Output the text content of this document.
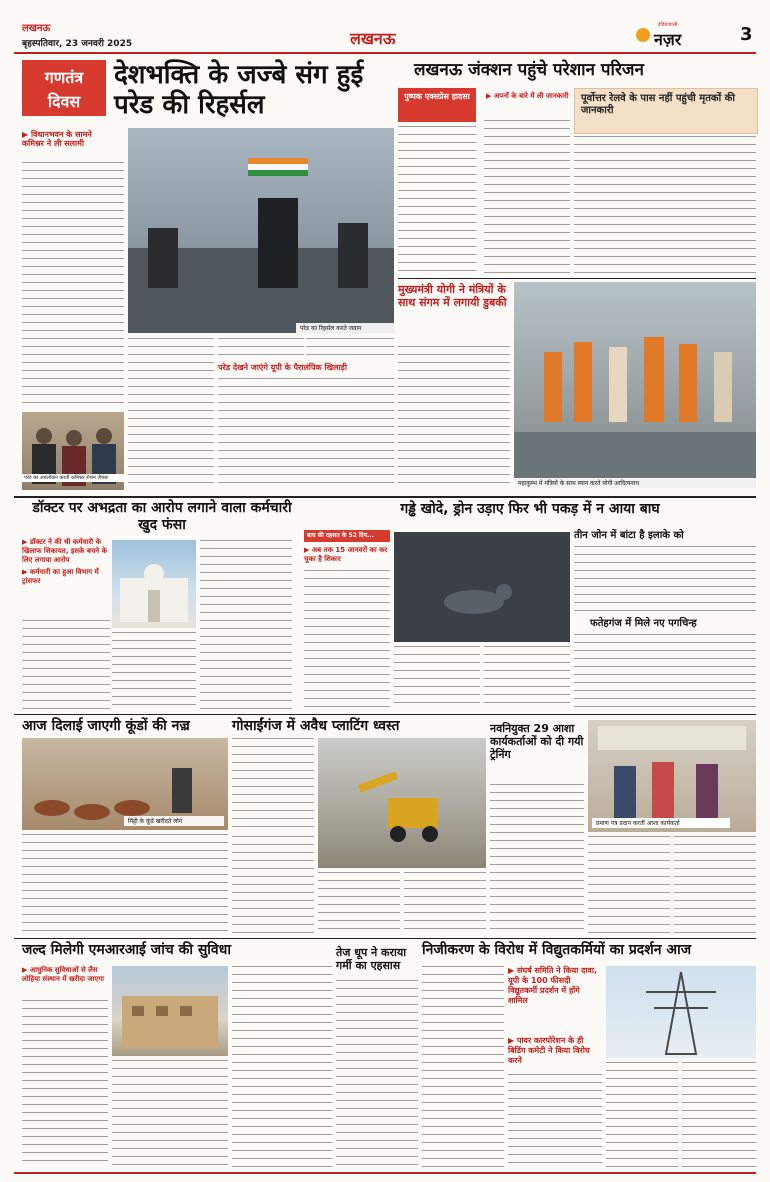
लखनऊ
बृहस्पतिवार, 23 जनवरी 2025	लखनऊ
इंडियावाली
नज़र	3
गणतंत्र
दिवस
देशभक्ति के जज्बे संग हुई परेड की रिहर्सल
▶ विधानभवन के सामने
कमिश्नर ने ली सलामी
परेड का रिहर्सल करते जवान
परेड का अवलोकन करतीं कमिश्नर रोशन जैकब
परेड देखने जाएंगे यूपी के पैरालंपिक खिलाड़ी
लखनऊ जंक्शन पहुंचे परेशान परिजन
पुष्पक एक्सप्रेस हादसा	▶ अपनों के बारे में ली जानकारी	पूर्वोत्तर रेलवे के पास नहीं पहुंची मृतकों की जानकारी
मुख्यमंत्री योगी ने मंत्रियों के साथ संगम में लगायी डुबकी
महाकुम्भ में मंत्रियों के साथ स्नान करते योगी आदित्यनाथ
डॉक्टर पर अभद्रता का आरोप लगाने वाला कर्मचारी खुद फंसा
▶ डॉक्टर ने की थी कर्मचारी के खिलाफ शिकायत, इसके बचने के लिए लगाया आरोप
▶ कर्मचारी का हुआ विभाग में ट्रांसफर
गड्ढे खोदे, ड्रोन उड़ाए फिर भी पकड़ में न आया बाघ
बाघ की दहशत के 52 दिन...
▶ अब तक 15 जानवरों का कर चुका है शिकार
तीन जोन में बांटा है इलाके को
फतेहगंज में मिले नए पगचिन्ह
आज दिलाई जाएगी कूंडों की नज़्र
मिट्टी के कूंडे खरीदते लोग
गोसाईंगंज में अवैध प्लाटिंग ध्वस्त	नवनियुक्त 29 आशा कार्यकर्ताओं को दी गयी ट्रेनिंग
प्रमाण पत्र प्रदान करतीं आशा कार्यकर्ता
जल्द मिलेगी एमआरआई जांच की सुविधा
▶ आधुनिक सुविधाओं से लैस लोहिया संस्थान में खरीदा जाएगा
तेज धूप ने कराया गर्मी का एहसास
निजीकरण के विरोध में विद्युतकर्मियों का प्रदर्शन आज
▶ संघर्ष समिति ने किया दावा, यूपी के 100 फीसदी विद्युतकर्मी प्रदर्शन में होंगे शामिल
▶ पावर कारपोरेशन के ही बिडिंग कमेटी ने किया विरोध करने
